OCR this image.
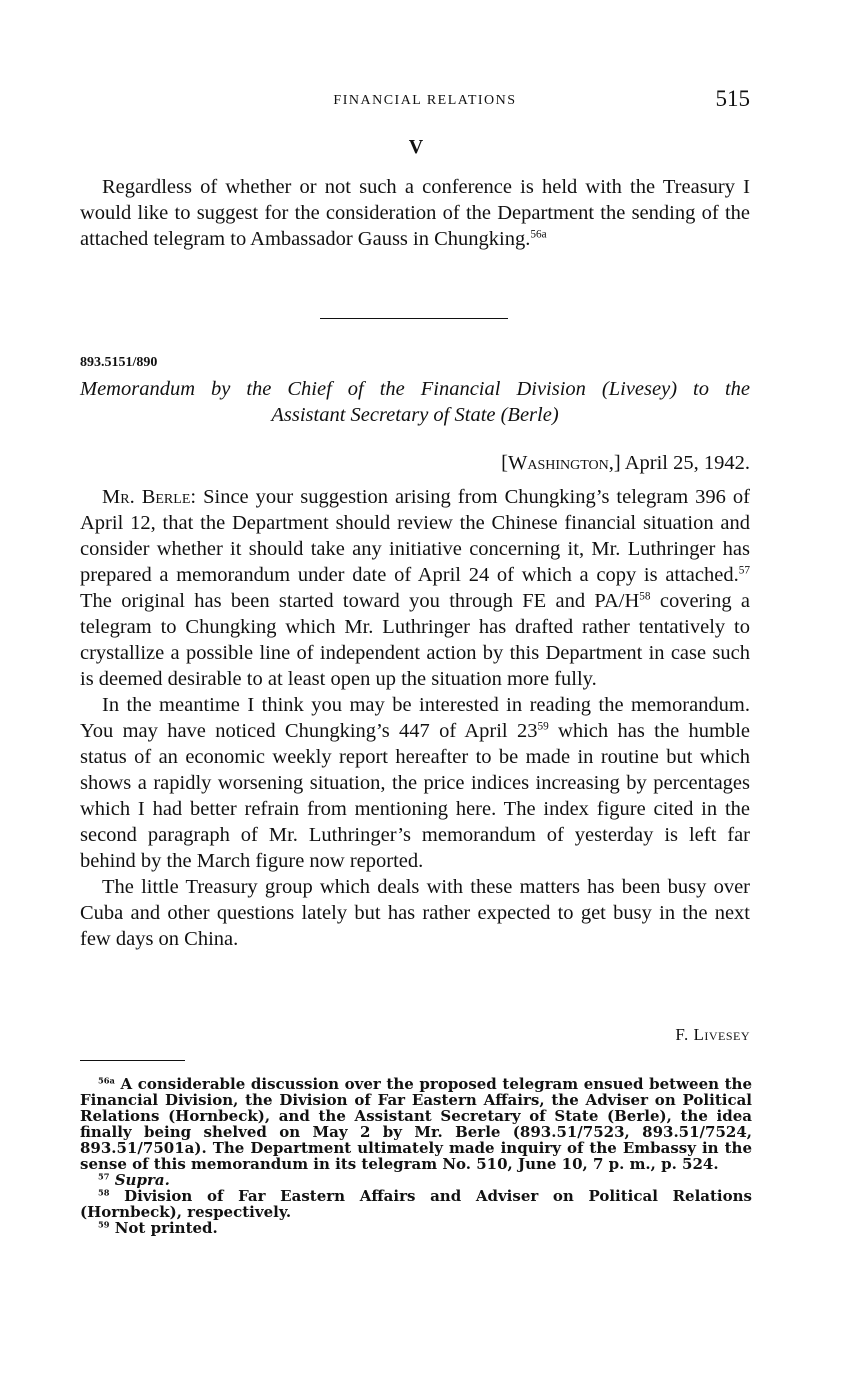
FINANCIAL RELATIONS	515
V

Regardless of whether or not such a conference is held with the Treasury I would like to suggest for the consideration of the Department the sending of the attached telegram to Ambassador Gauss in Chungking.$^{56a}$

893.5151/890
Memorandum by the Chief of the Financial Division (Livesey) to the
Assistant Secretary of State (Berle)
[Washington,] April 25, 1942.

Mr. Berle: Since your suggestion arising from Chungking’s telegram 396 of April 12, that the Department should review the Chinese financial situation and consider whether it should take any initiative concerning it, Mr. Luthringer has prepared a memorandum under date of April 24 of which a copy is attached.$^{57}$ The original has been started toward you through FE and $PA/H^{58}$ covering a telegram to Chungking which Mr. Luthringer has drafted rather tentatively to crystallize a possible line of independent action by this Department in case such is deemed desirable to at least open up the situation more fully.

In the meantime I think you may be interested in reading the memorandum. You may have noticed Chungking’s 447 of April $23^{59}$ which has the humble status of an economic weekly report hereafter to be made in routine but which shows a rapidly worsening situation, the price indices increasing by percentages which I had better refrain from mentioning here. The index figure cited in the second paragraph of Mr. Luthringer’s memorandum of yesterday is left far behind by the March figure now reported.

The little Treasury group which deals with these matters has been busy over Cuba and other questions lately but has rather expected to get busy in the next few days on China.

F. Livesey

$^{56a}$ A considerable discussion over the proposed telegram ensued between the Financial Division, the Division of Far Eastern Affairs, the Adviser on Political Relations (Hornbeck), and the Assistant Secretary of State (Berle), the idea finally being shelved on May 2 by Mr. Berle (893.51/7523, 893.51/7524, 893.51/7501a). The Department ultimately made inquiry of the Embassy in the sense of this memorandum in its telegram No. 510, June 10, 7 p. m., p. 524.

$^{57}$ Supra.

$^{58}$ Division of Far Eastern Affairs and Adviser on Political Relations (Hornbeck), respectively.

$^{59}$ Not printed.
